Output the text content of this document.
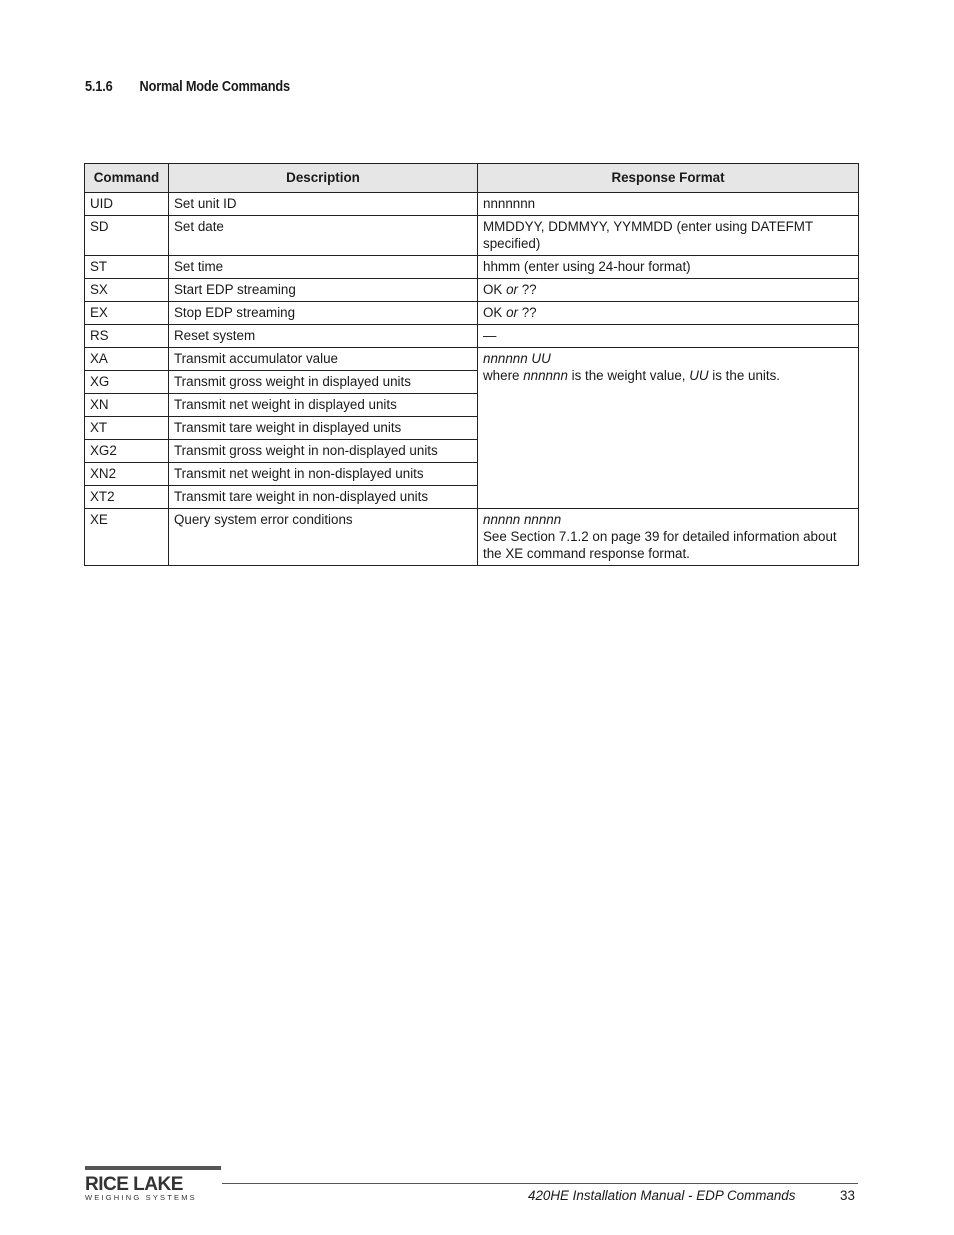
5.1.6 Normal Mode Commands
Command	Description	Response Format
UID	Set unit ID	nnnnnnn
SD	Set date	MMDDYY, DDMMYY, YYMMDD (enter using DATEFMT specified)
ST	Set time	hhmm (enter using 24-hour format)
SX	Start EDP streaming	OK or ??
EX	Stop EDP streaming	OK or ??
RS	Reset system	—
XA	Transmit accumulator value	nnnnnn UU
where nnnnnn is the weight value, UU is the units.

XG	Transmit gross weight in displayed units	
XN	Transmit net weight in displayed units	
XT	Transmit tare weight in displayed units	
XG2	Transmit gross weight in non-displayed units	
XN2	Transmit net weight in non-displayed units	
XT2	Transmit tare weight in non-displayed units	
XE	Query system error conditions	nnnnn nnnnn
See Section 7.1.2 on page 39 for detailed information about the XE command response format.
RICE LAKE
WEIGHING SYSTEMS	420HE Installation Manual - EDP Commands	33
